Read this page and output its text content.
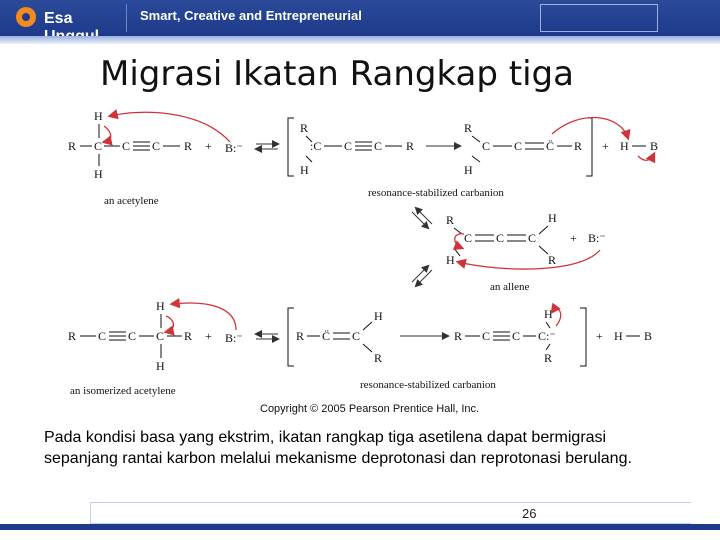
Esa	Smart, Creative and Entrepreneurial
Migrasi Ikatan Rangkap tiga
H
R C C C R
H
+ B:⁻
an acetylene
R
:C C C R
H
R
C C C̈ R
H
+ H B
resonance-stabilized carbanion
R
C C C
H
H	R
+ B:⁻
an allene
H
R C C C R
H
+ B:⁻
an isomerized acetylene
R C̈ C
H
R
R C C C:⁻
H
R
+ H B
resonance-stabilized carbanion
Copyright © 2005 Pearson Prentice Hall, Inc.
Pada kondisi basa yang ekstrim, ikatan rangkap tiga asetilena dapat bermigrasi sepanjang rantai karbon melalui mekanisme deprotonasi dan reprotonasi berulang.
26
